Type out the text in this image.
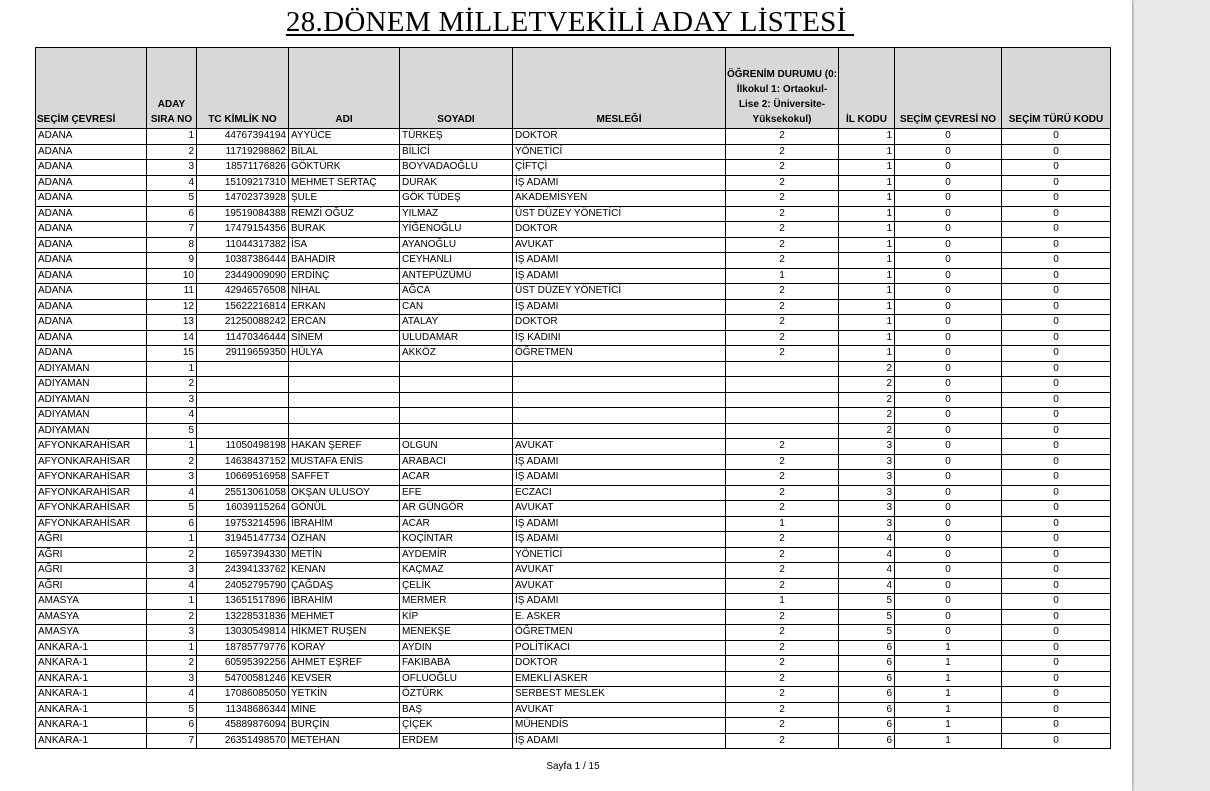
28.DÖNEM MİLLETVEKİLİ ADAY LİSTESİ
SEÇİM ÇEVRESİ	ADAY SIRA NO	TC KİMLİK NO	ADI	SOYADI	MESLEĞİ	ÖĞRENİM DURUMU (0: İlkokul 1: Ortaokul-Lise 2: Üniversite-Yüksekokul)	İL KODU	SEÇİM ÇEVRESİ NO	SEÇİM TÜRÜ KODU
ADANA	1	44767394194	AYYÜCE	TÜRKEŞ	DOKTOR	2	1	0	0
ADANA	2	11719298862	BİLAL	BİLİCİ	YÖNETİCİ	2	1	0	0
ADANA	3	18571176826	GÖKTÜRK	BOYVADAOĞLU	ÇİFTÇİ	2	1	0	0
ADANA	4	15109217310	MEHMET SERTAÇ	DURAK	İŞ ADAMI	2	1	0	0
ADANA	5	14702373928	ŞULE	GÖK TÜDEŞ	AKADEMİSYEN	2	1	0	0
ADANA	6	19519084388	REMZİ OĞUZ	YILMAZ	ÜST DÜZEY YÖNETİCİ	2	1	0	0
ADANA	7	17479154356	BURAK	YİĞENOĞLU	DOKTOR	2	1	0	0
ADANA	8	11044317382	İSA	AYANOĞLU	AVUKAT	2	1	0	0
ADANA	9	10387386444	BAHADIR	CEYHANLI	İŞ ADAMI	2	1	0	0
ADANA	10	23449009090	ERDİNÇ	ANTEPÜZÜMÜ	İŞ ADAMI	1	1	0	0
ADANA	11	42946576508	NİHAL	AĞCA	ÜST DÜZEY YÖNETİCİ	2	1	0	0
ADANA	12	15622216814	ERKAN	CAN	İŞ ADAMI	2	1	0	0
ADANA	13	21250088242	ERCAN	ATALAY	DOKTOR	2	1	0	0
ADANA	14	11470346444	SİNEM	ULUDAMAR	İŞ KADINI	2	1	0	0
ADANA	15	29119659350	HÜLYA	AKKÖZ	ÖĞRETMEN	2	1	0	0
ADIYAMAN	1						2	0	0
ADIYAMAN	2						2	0	0
ADIYAMAN	3						2	0	0
ADIYAMAN	4						2	0	0
ADIYAMAN	5						2	0	0
AFYONKARAHİSAR	1	11050498198	HAKAN ŞEREF	OLGUN	AVUKAT	2	3	0	0
AFYONKARAHİSAR	2	14638437152	MUSTAFA ENİS	ARABACI	İŞ ADAMI	2	3	0	0
AFYONKARAHİSAR	3	10669516958	SAFFET	ACAR	İŞ ADAMI	2	3	0	0
AFYONKARAHİSAR	4	25513061058	OKŞAN ULUSOY	EFE	ECZACI	2	3	0	0
AFYONKARAHİSAR	5	16039115264	GÖNÜL	AR GÜNGÖR	AVUKAT	2	3	0	0
AFYONKARAHİSAR	6	19753214596	İBRAHİM	ACAR	İŞ ADAMI	1	3	0	0
AĞRI	1	31945147734	ÖZHAN	KOÇİNTAR	İŞ ADAMI	2	4	0	0
AĞRI	2	16597394330	METİN	AYDEMİR	YÖNETİCİ	2	4	0	0
AĞRI	3	24394133762	KENAN	KAÇMAZ	AVUKAT	2	4	0	0
AĞRI	4	24052795790	ÇAĞDAŞ	ÇELİK	AVUKAT	2	4	0	0
AMASYA	1	13651517896	İBRAHİM	MERMER	İŞ ADAMI	1	5	0	0
AMASYA	2	13228531836	MEHMET	KİP	E. ASKER	2	5	0	0
AMASYA	3	13030549814	HİKMET RUŞEN	MENEKŞE	ÖĞRETMEN	2	5	0	0
ANKARA-1	1	18785779776	KORAY	AYDIN	POLİTİKACI	2	6	1	0
ANKARA-1	2	60595392256	AHMET EŞREF	FAKIBABA	DOKTOR	2	6	1	0
ANKARA-1	3	54700581246	KEVSER	OFLUOĞLU	EMEKLİ ASKER	2	6	1	0
ANKARA-1	4	17086085050	YETKİN	ÖZTÜRK	SERBEST MESLEK	2	6	1	0
ANKARA-1	5	11348686344	MİNE	BAŞ	AVUKAT	2	6	1	0
ANKARA-1	6	45889876094	BURÇİN	ÇİÇEK	MÜHENDİS	2	6	1	0
ANKARA-1	7	26351498570	METEHAN	ERDEM	İŞ ADAMI	2	6	1	0
Sayfa 1 / 15
